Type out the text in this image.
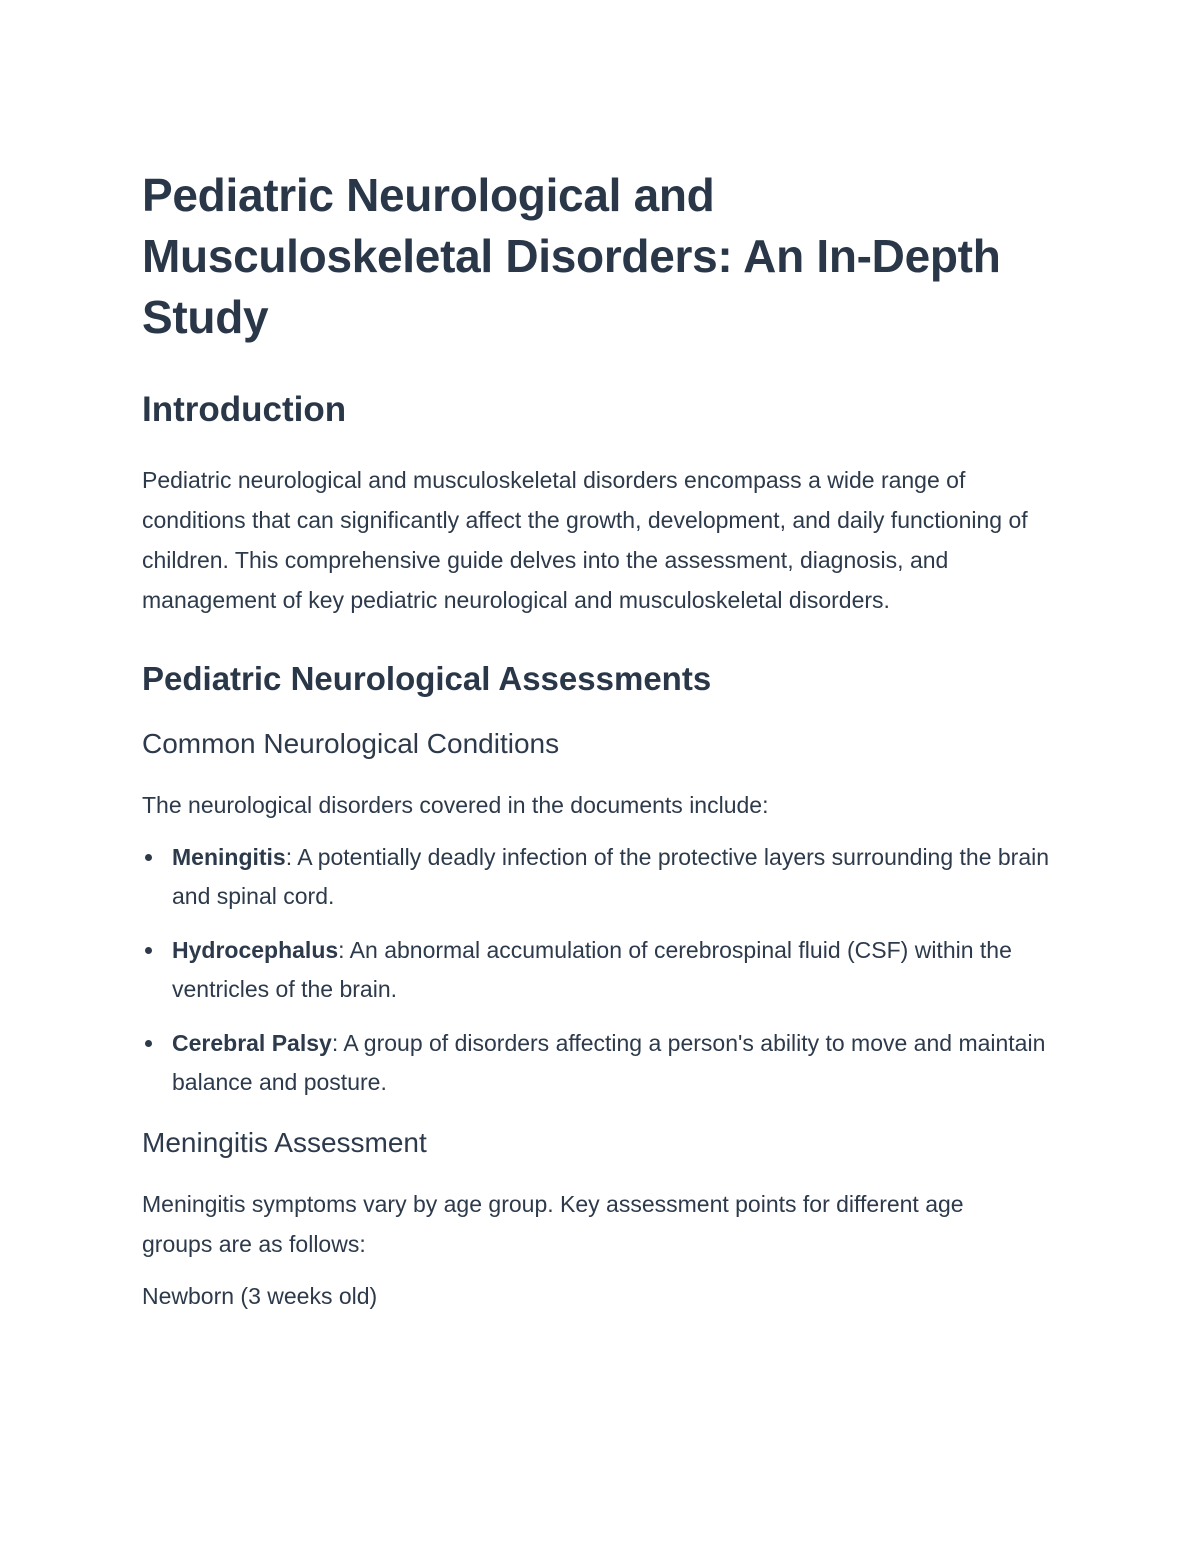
Pediatric Neurological and Musculoskeletal Disorders: An In-Depth Study
Introduction

Pediatric neurological and musculoskeletal disorders encompass a wide range of conditions that can significantly affect the growth, development, and daily functioning of children. This comprehensive guide delves into the assessment, diagnosis, and management of key pediatric neurological and musculoskeletal disorders.

Pediatric Neurological Assessments
Common Neurological Conditions

The neurological disorders covered in the documents include:

Meningitis: A potentially deadly infection of the protective layers surrounding the brain and spinal cord.
Hydrocephalus: An abnormal accumulation of cerebrospinal fluid (CSF) within the ventricles of the brain.
Cerebral Palsy: A group of disorders affecting a person's ability to move and maintain balance and posture.
Meningitis Assessment

Meningitis symptoms vary by age group. Key assessment points for different age groups are as follows:

Newborn (3 weeks old)
